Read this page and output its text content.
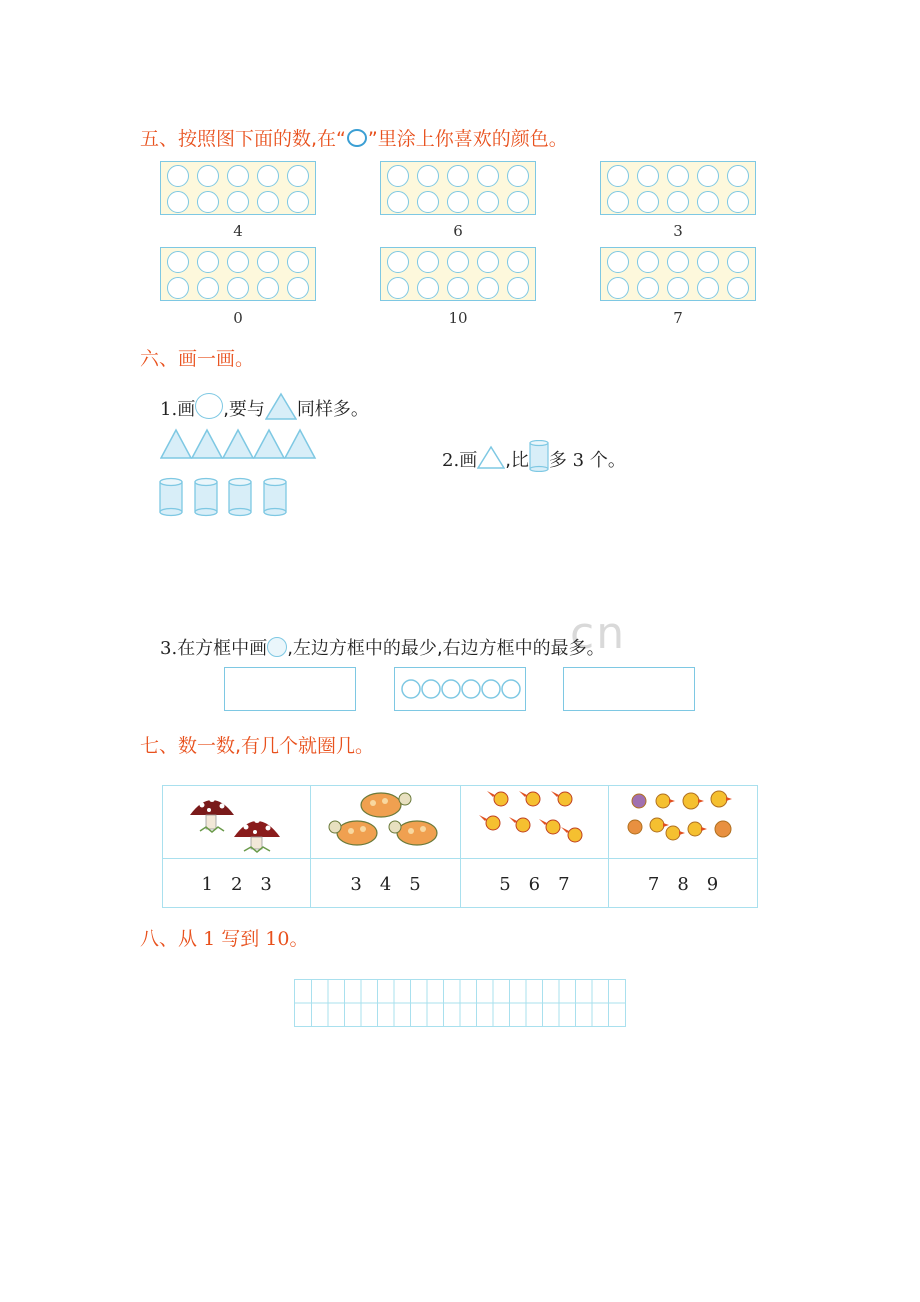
五、按照图下面的数,在“ ”里涂上你喜欢的颜色。
4	6	3
0	10	7
六、画一画。
1.画 ,要与 同样多。
2.画 ,比 多 3 个。
cn
3.在方框中画 ,左边方框中的最少,右边方框中的最多。
七、数一数,有几个就圈几。

1　2　3	3　4　5	5　6　7	7　8　9
八、从 1 写到 10。
